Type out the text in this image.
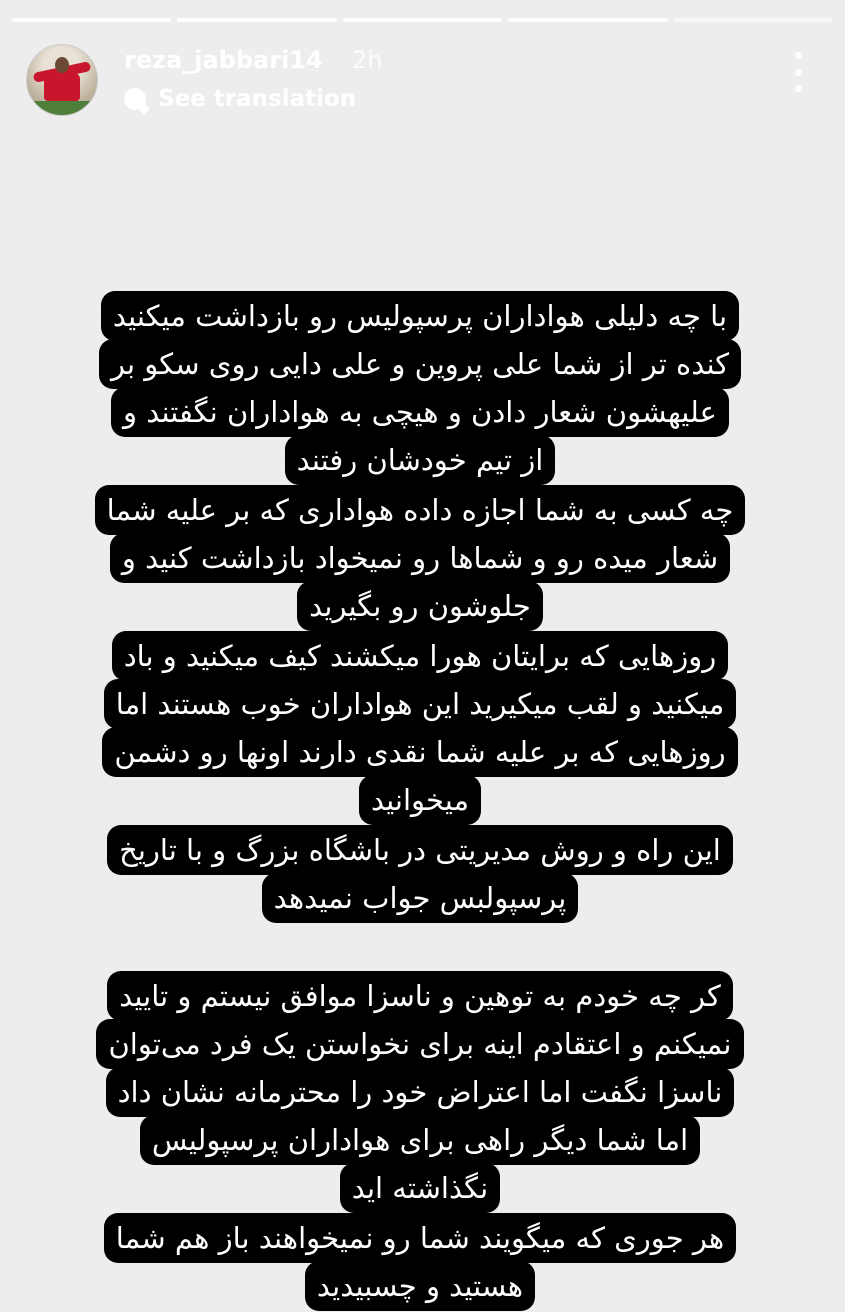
reza_jabbari14 2h
See translation
با چه دلیلی هواداران پرسپولیس رو بازداشت میکنید
کنده تر از شما علی پروین و علی دایی روی سکو بر
علیهشون شعار دادن و هیچی به هواداران نگفتند و
از تیم خودشان رفتند
چه کسی به شما اجازه داده هواداری که بر علیه شما
شعار میده رو و شماها رو نمیخواد بازداشت کنید و
جلوشون رو بگیرید
روزهایی که برایتان هورا میکشند کیف میکنید و باد
میکنید و لقب میکیرید این هواداران خوب هستند اما
روزهایی که بر علیه شما نقدی دارند اونها رو دشمن
میخوانید
این راه و روش مدیریتی در باشگاه بزرگ و با تاریخ
پرسپولبس جواب نمیدهد
کر چه خودم به توهین و ناسزا موافق نیستم و تایید
نمیکنم و اعتقادم اینه برای نخواستن یک فرد می‌توان
ناسزا نگفت اما اعتراض خود را محترمانه نشان داد
اما شما دیگر راهی برای هواداران پرسپولیس
نگذاشته اید
هر جوری که میگویند شما رو نمیخواهند باز هم شما
هستید و چسبیدید
